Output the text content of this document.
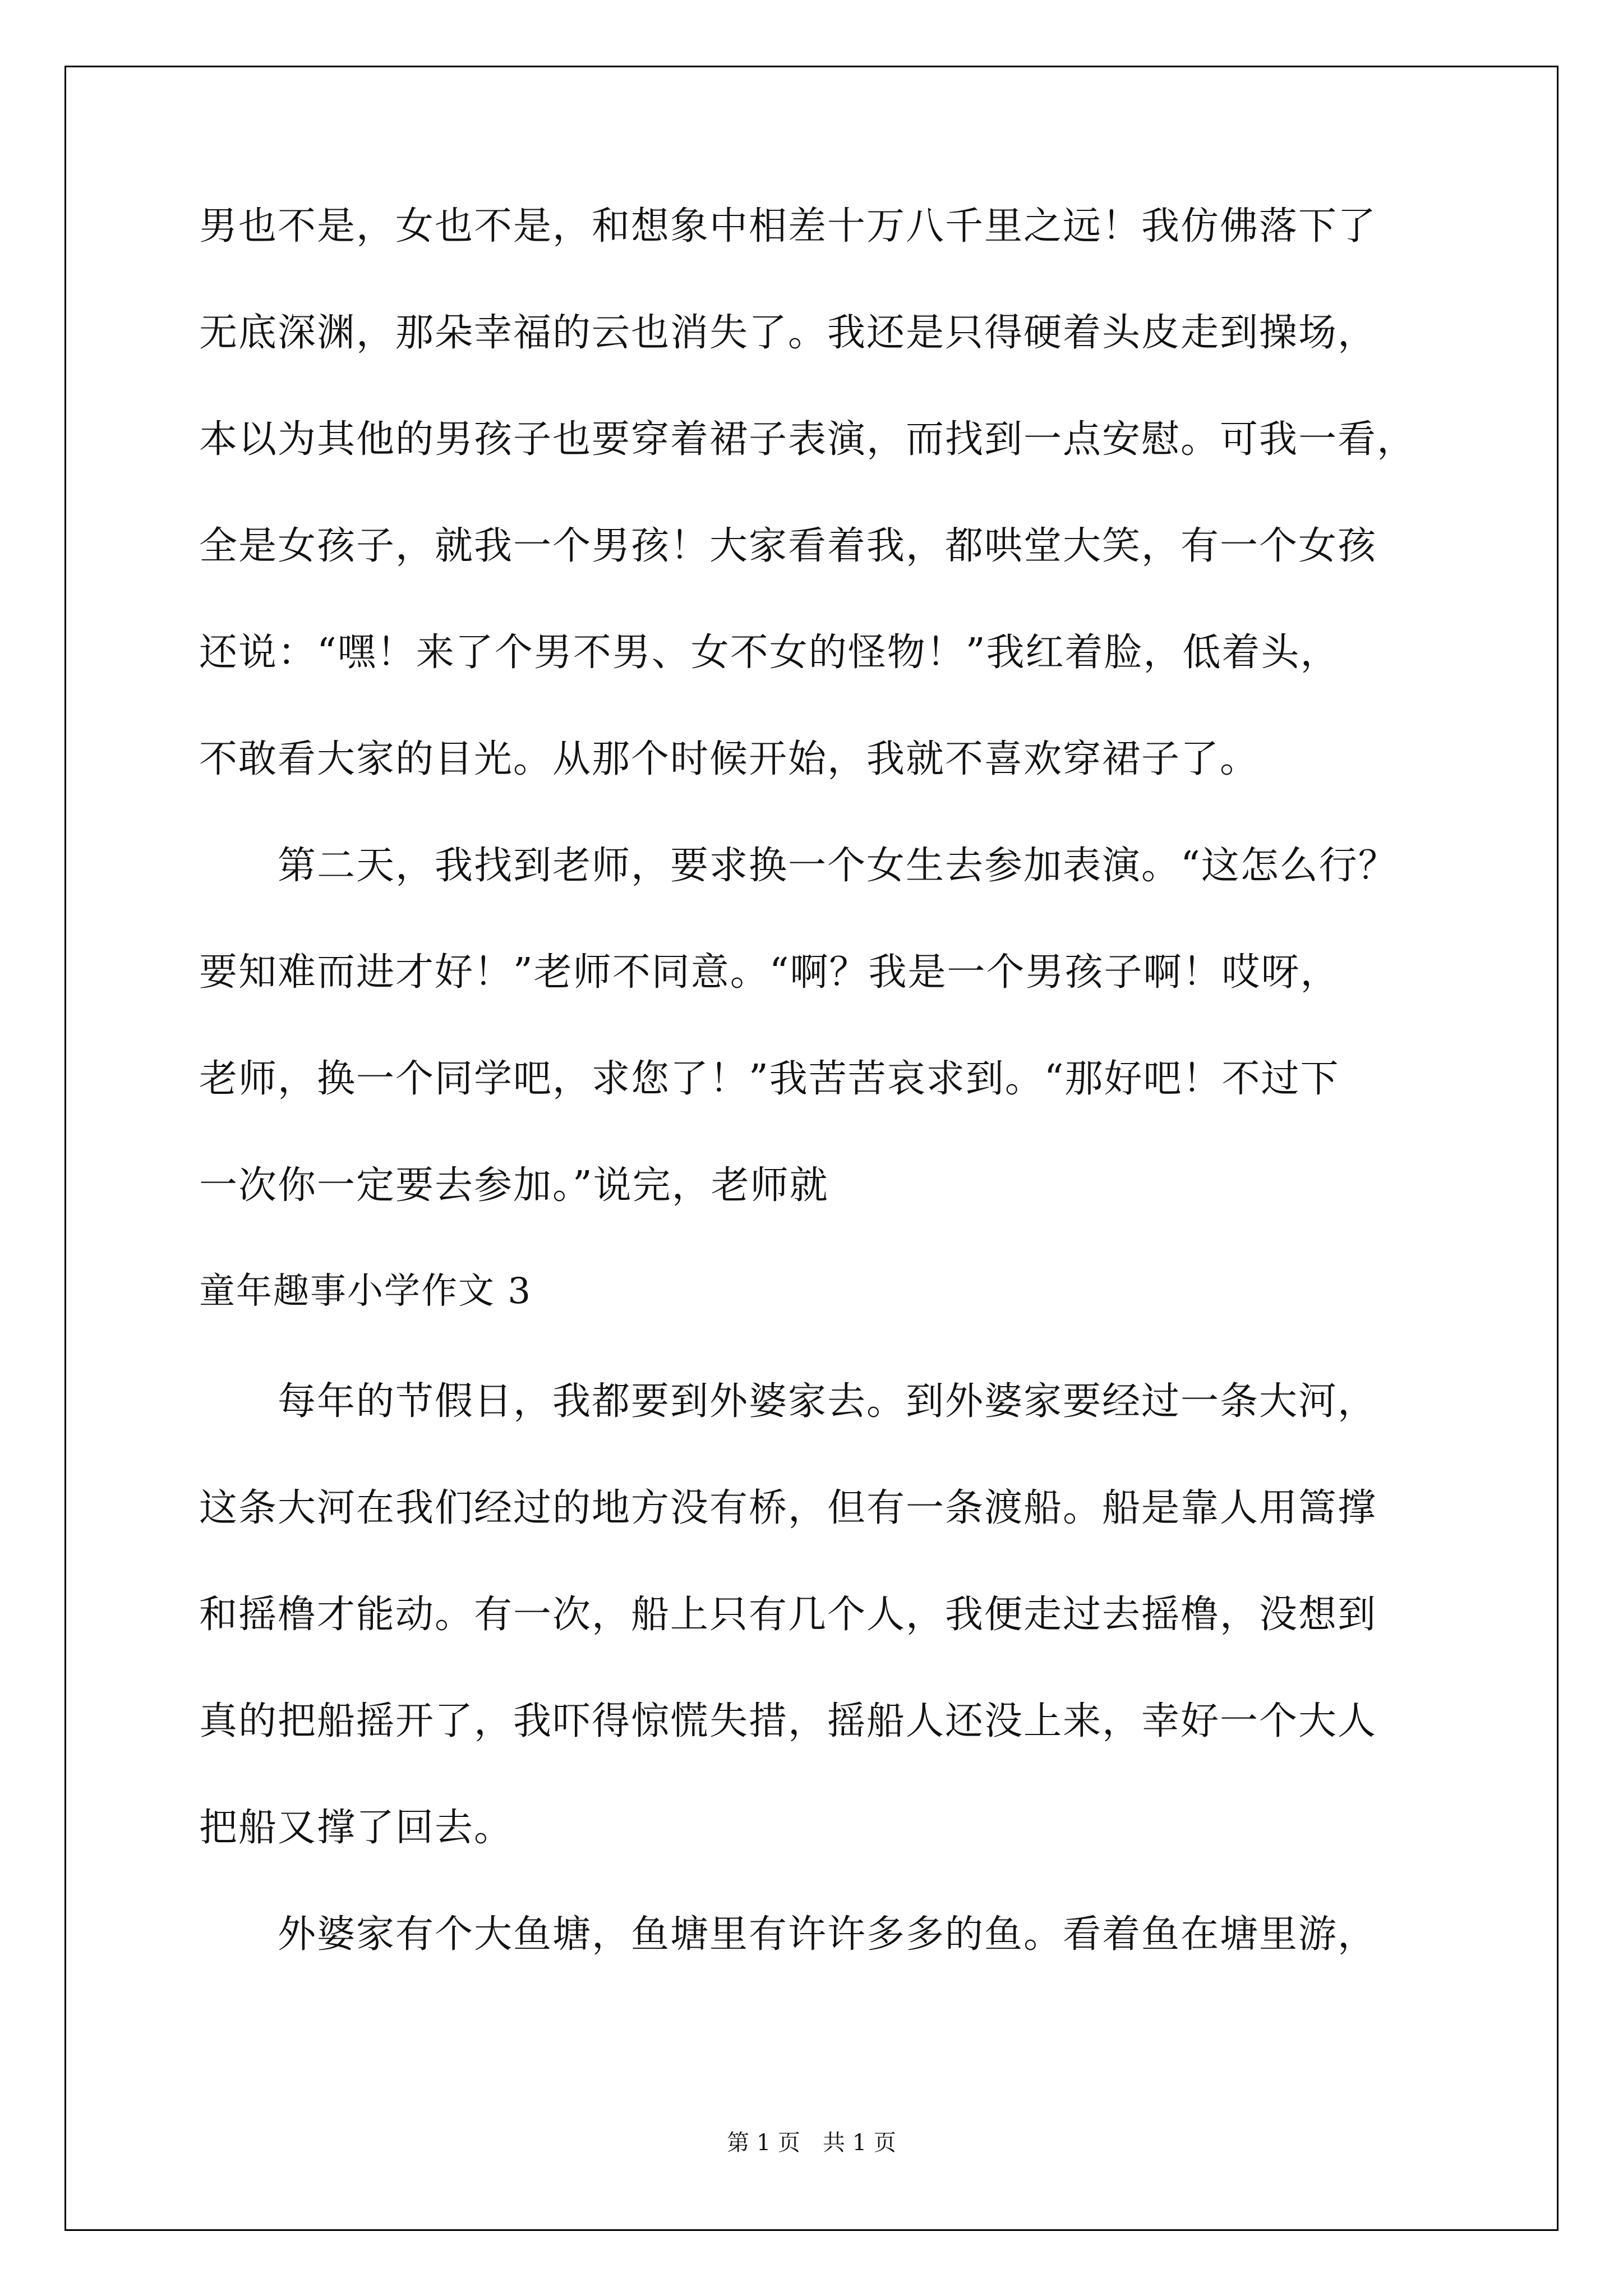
男也不是，女也不是，和想象中相差十万八千里之远！我仿佛落下了
无底深渊，那朵幸福的云也消失了。我还是只得硬着头皮走到操场，
本以为其他的男孩子也要穿着裙子表演，而找到一点安慰。可我一看，
全是女孩子，就我一个男孩！大家看着我，都哄堂大笑，有一个女孩
还说：“嘿！来了个男不男、女不女的怪物！”我红着脸，低着头，
不敢看大家的目光。从那个时候开始，我就不喜欢穿裙子了。
　　第二天，我找到老师，要求换一个女生去参加表演。“这怎么行？
要知难而进才好！”老师不同意。“啊？我是一个男孩子啊！哎呀，
老师，换一个同学吧，求您了！”我苦苦哀求到。“那好吧！不过下
一次你一定要去参加。”说完，老师就
童年趣事小学作文 3
　　每年的节假日，我都要到外婆家去。到外婆家要经过一条大河，
这条大河在我们经过的地方没有桥，但有一条渡船。船是靠人用篙撑
和摇橹才能动。有一次，船上只有几个人，我便走过去摇橹，没想到
真的把船摇开了，我吓得惊慌失措，摇船人还没上来，幸好一个大人
把船又撑了回去。
　　外婆家有个大鱼塘，鱼塘里有许许多多的鱼。看着鱼在塘里游，
第 1 页　共 1 页
